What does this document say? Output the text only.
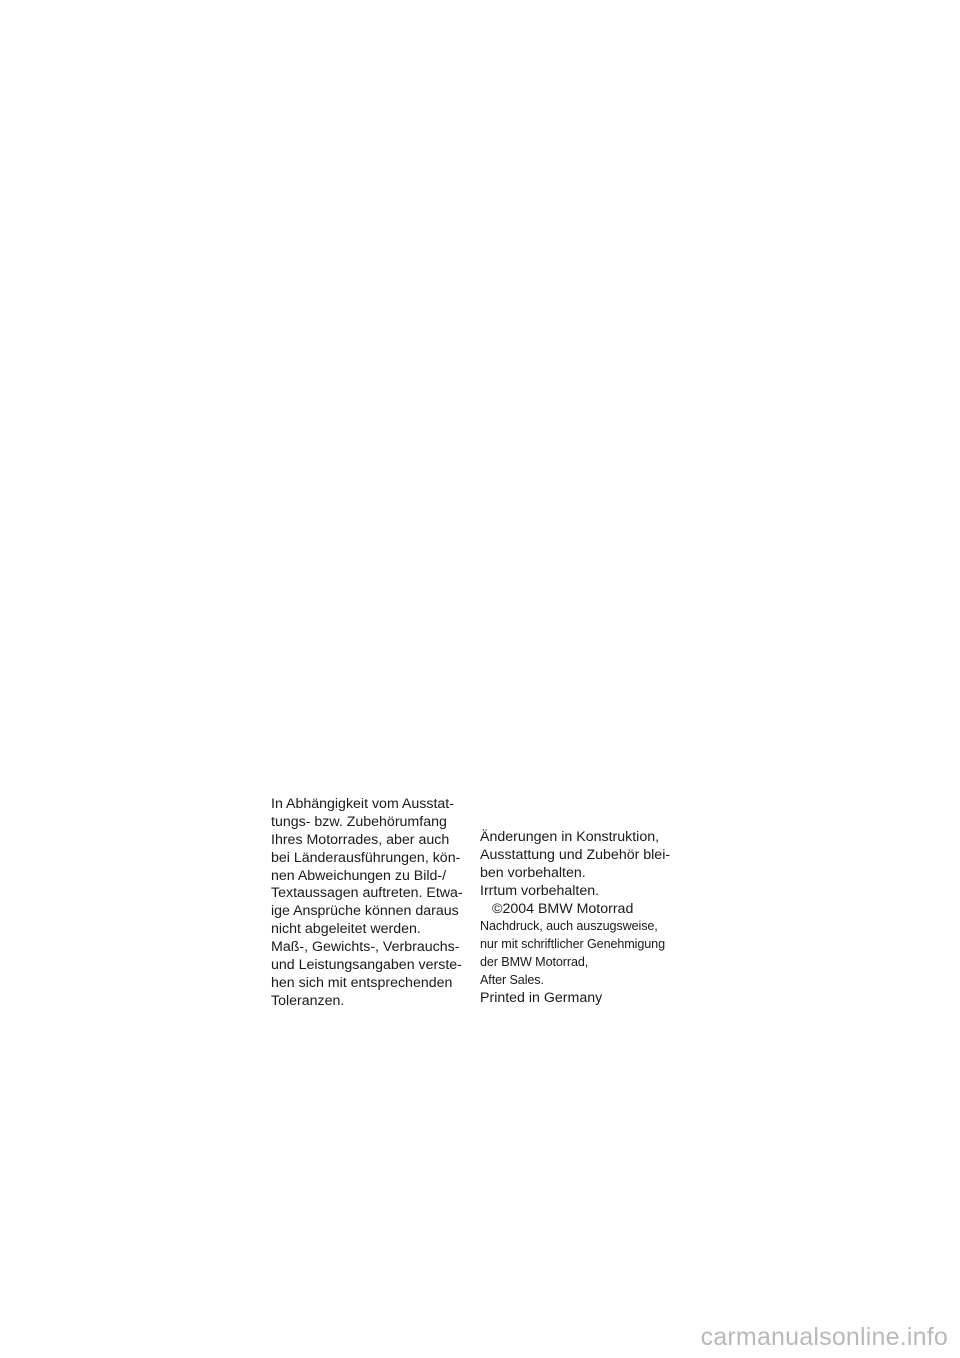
In Abhängigkeit vom Ausstat-
tungs- bzw. Zubehörumfang
Ihres Motorrades, aber auch
bei Länderausführungen, kön-
nen Abweichungen zu Bild-/
Textaussagen auftreten. Etwa-
ige Ansprüche können daraus
nicht abgeleitet werden.
Maß-, Gewichts-, Verbrauchs-
und Leistungsangaben verste-
hen sich mit entsprechenden
Toleranzen.
Änderungen in Konstruktion,
Ausstattung und Zubehör blei-
ben vorbehalten.
Irrtum vorbehalten.
©2004 BMW Motorrad
Nachdruck, auch auszugsweise,
nur mit schriftlicher Genehmigung
der BMW Motorrad,
After Sales.
Printed in Germany
carmanualsonline.info
